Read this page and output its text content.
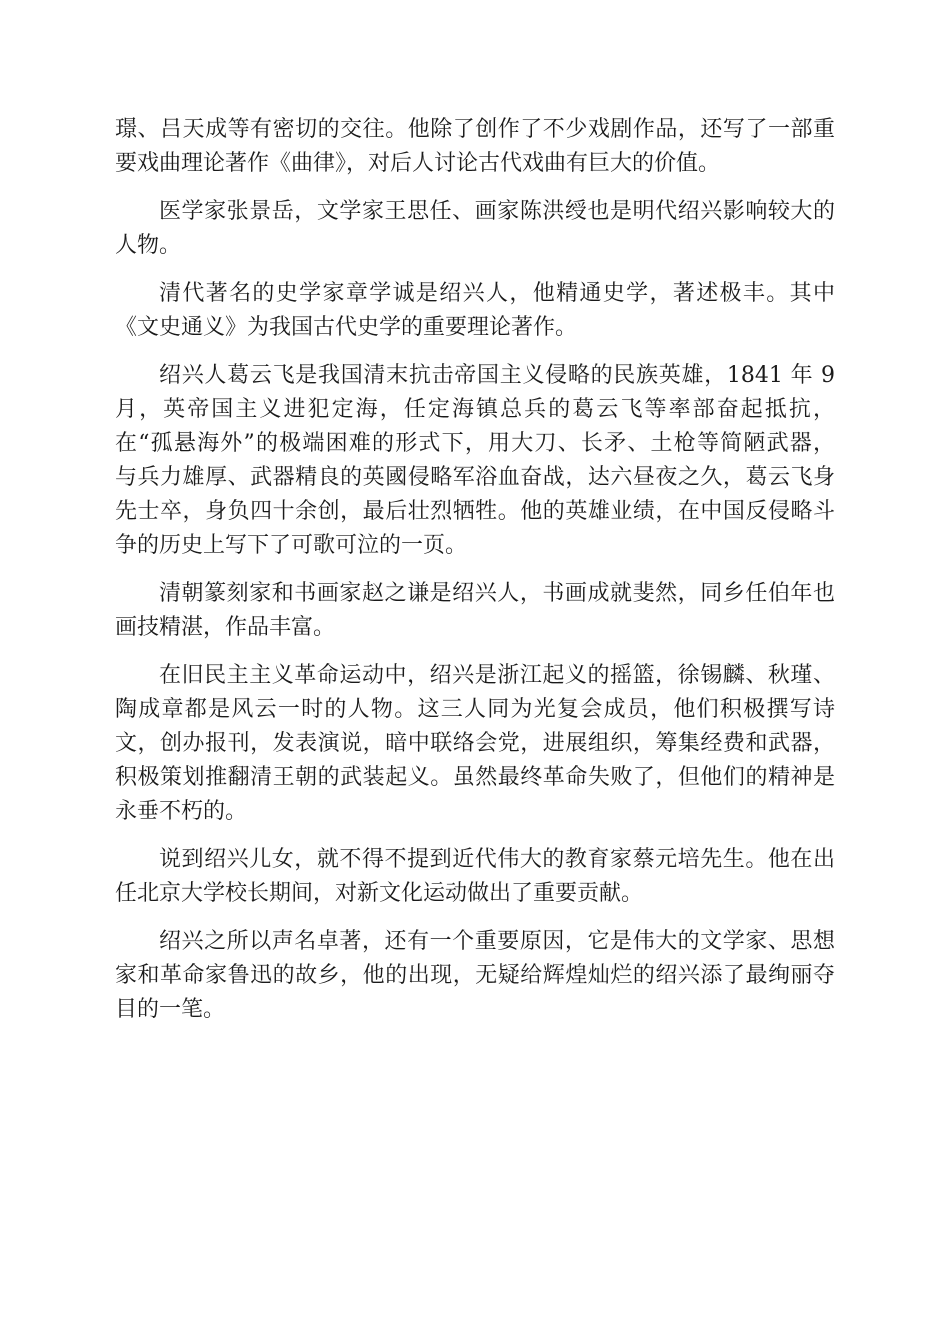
璟、吕天成等有密切的交往。他除了创作了不少戏剧作品，还写了一部重
要戏曲理论著作《曲律》，对后人讨论古代戏曲有巨大的价值。
医学家张景岳，文学家王思任、画家陈洪绶也是明代绍兴影响较大的
人物。
清代著名的史学家章学诚是绍兴人，他精通史学，著述极丰。其中
《文史通义》为我国古代史学的重要理论著作。
绍兴人葛云飞是我国清末抗击帝国主义侵略的民族英雄，1841 年 9
月，英帝国主义进犯定海，任定海镇总兵的葛云飞等率部奋起抵抗，
在“孤悬海外”的极端困难的形式下，用大刀、长矛、土枪等简陋武器，
与兵力雄厚、武器精良的英國侵略军浴血奋战，达六昼夜之久，葛云飞身
先士卒，身负四十余创，最后壮烈牺牲。他的英雄业绩，在中国反侵略斗
争的历史上写下了可歌可泣的一页。
清朝篆刻家和书画家赵之谦是绍兴人，书画成就斐然，同乡任伯年也
画技精湛，作品丰富。
在旧民主主义革命运动中，绍兴是浙江起义的摇篮，徐锡麟、秋瑾、
陶成章都是风云一时的人物。这三人同为光复会成员，他们积极撰写诗
文，创办报刊，发表演说，暗中联络会党，进展组织，筹集经费和武器，
积极策划推翻清王朝的武装起义。虽然最终革命失败了，但他们的精神是
永垂不朽的。
说到绍兴儿女，就不得不提到近代伟大的教育家蔡元培先生。他在出
任北京大学校长期间，对新文化运动做出了重要贡献。
绍兴之所以声名卓著，还有一个重要原因，它是伟大的文学家、思想
家和革命家鲁迅的故乡，他的出现，无疑给辉煌灿烂的绍兴添了最绚丽夺
目的一笔。
